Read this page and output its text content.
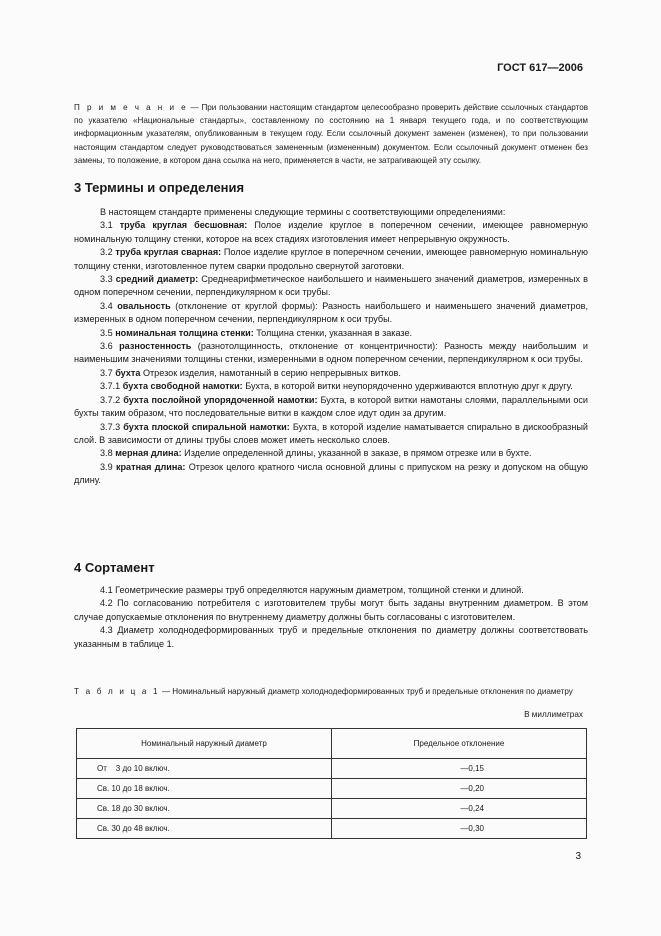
ГОСТ 617—2006
П р и м е ч а н и е — При пользовании настоящим стандартом целесообразно проверить действие ссылочных стандартов по указателю «Национальные стандарты», составленному по состоянию на 1 января текущего года, и по соответствующим информационным указателям, опубликованным в текущем году. Если ссылочный документ заменен (изменен), то при пользовании настоящим стандартом следует руководствоваться замененным (измененным) документом. Если ссылочный документ отменен без замены, то положение, в котором дана ссылка на него, применяется в части, не затрагивающей эту ссылку.
3 Термины и определения

В настоящем стандарте применены следующие термины с соответствующими определениями:

3.1 труба круглая бесшовная: Полое изделие круглое в поперечном сечении, имеющее равномерную номинальную толщину стенки, которое на всех стадиях изготовления имеет непрерывную окружность.

3.2 труба круглая сварная: Полое изделие круглое в поперечном сечении, имеющее равномерную номинальную толщину стенки, изготовленное путем сварки продольно свернутой заготовки.

3.3 средний диаметр: Среднеарифметическое наибольшего и наименьшего значений диаметров, измеренных в одном поперечном сечении, перпендикулярном к оси трубы.

3.4 овальность (отклонение от круглой формы): Разность наибольшего и наименьшего значений диаметров, измеренных в одном поперечном сечении, перпендикулярном к оси трубы.

3.5 номинальная толщина стенки: Толщина стенки, указанная в заказе.

3.6 разностенность (разнотолщинность, отклонение от концентричности): Разность между наибольшим и наименьшим значениями толщины стенки, измеренными в одном поперечном сечении, перпендикулярном к оси трубы.

3.7 бухта Отрезок изделия, намотанный в серию непрерывных витков.

3.7.1 бухта свободной намотки: Бухта, в которой витки неупорядоченно удерживаются вплотную друг к другу.

3.7.2 бухта послойной упорядоченной намотки: Бухта, в которой витки намотаны слоями, параллельными оси бухты таким образом, что последовательные витки в каждом слое идут один за другим.

3.7.3 бухта плоской спиральной намотки: Бухта, в которой изделие наматывается спирально в дискообразный слой. В зависимости от длины трубы слоев может иметь несколько слоев.

3.8 мерная длина: Изделие определенной длины, указанной в заказе, в прямом отрезке или в бухте.

3.9 кратная длина: Отрезок целого кратного числа основной длины с припуском на резку и допуском на общую длину.

4 Сортамент

4.1 Геометрические размеры труб определяются наружным диаметром, толщиной стенки и длиной.

4.2 По согласованию потребителя с изготовителем трубы могут быть заданы внутренним диаметром. В этом случае допускаемые отклонения по внутреннему диаметру должны быть согласованы с изготовителем.

4.3 Диаметр холоднодеформированных труб и предельные отклонения по диаметру должны соответствовать указанным в таблице 1.

Т а б л и ц а 1 — Номинальный наружный диаметр холоднодеформированных труб и предельные отклонения по диаметру
В миллиметрах
Номинальный наружный диаметр	Предельное отклонение
От    3 до 10 включ.	—0,15
Св. 10 до 18 включ.	—0,20
Св. 18 до 30 включ.	—0,24
Св. 30 до 48 включ.	—0,30
3
